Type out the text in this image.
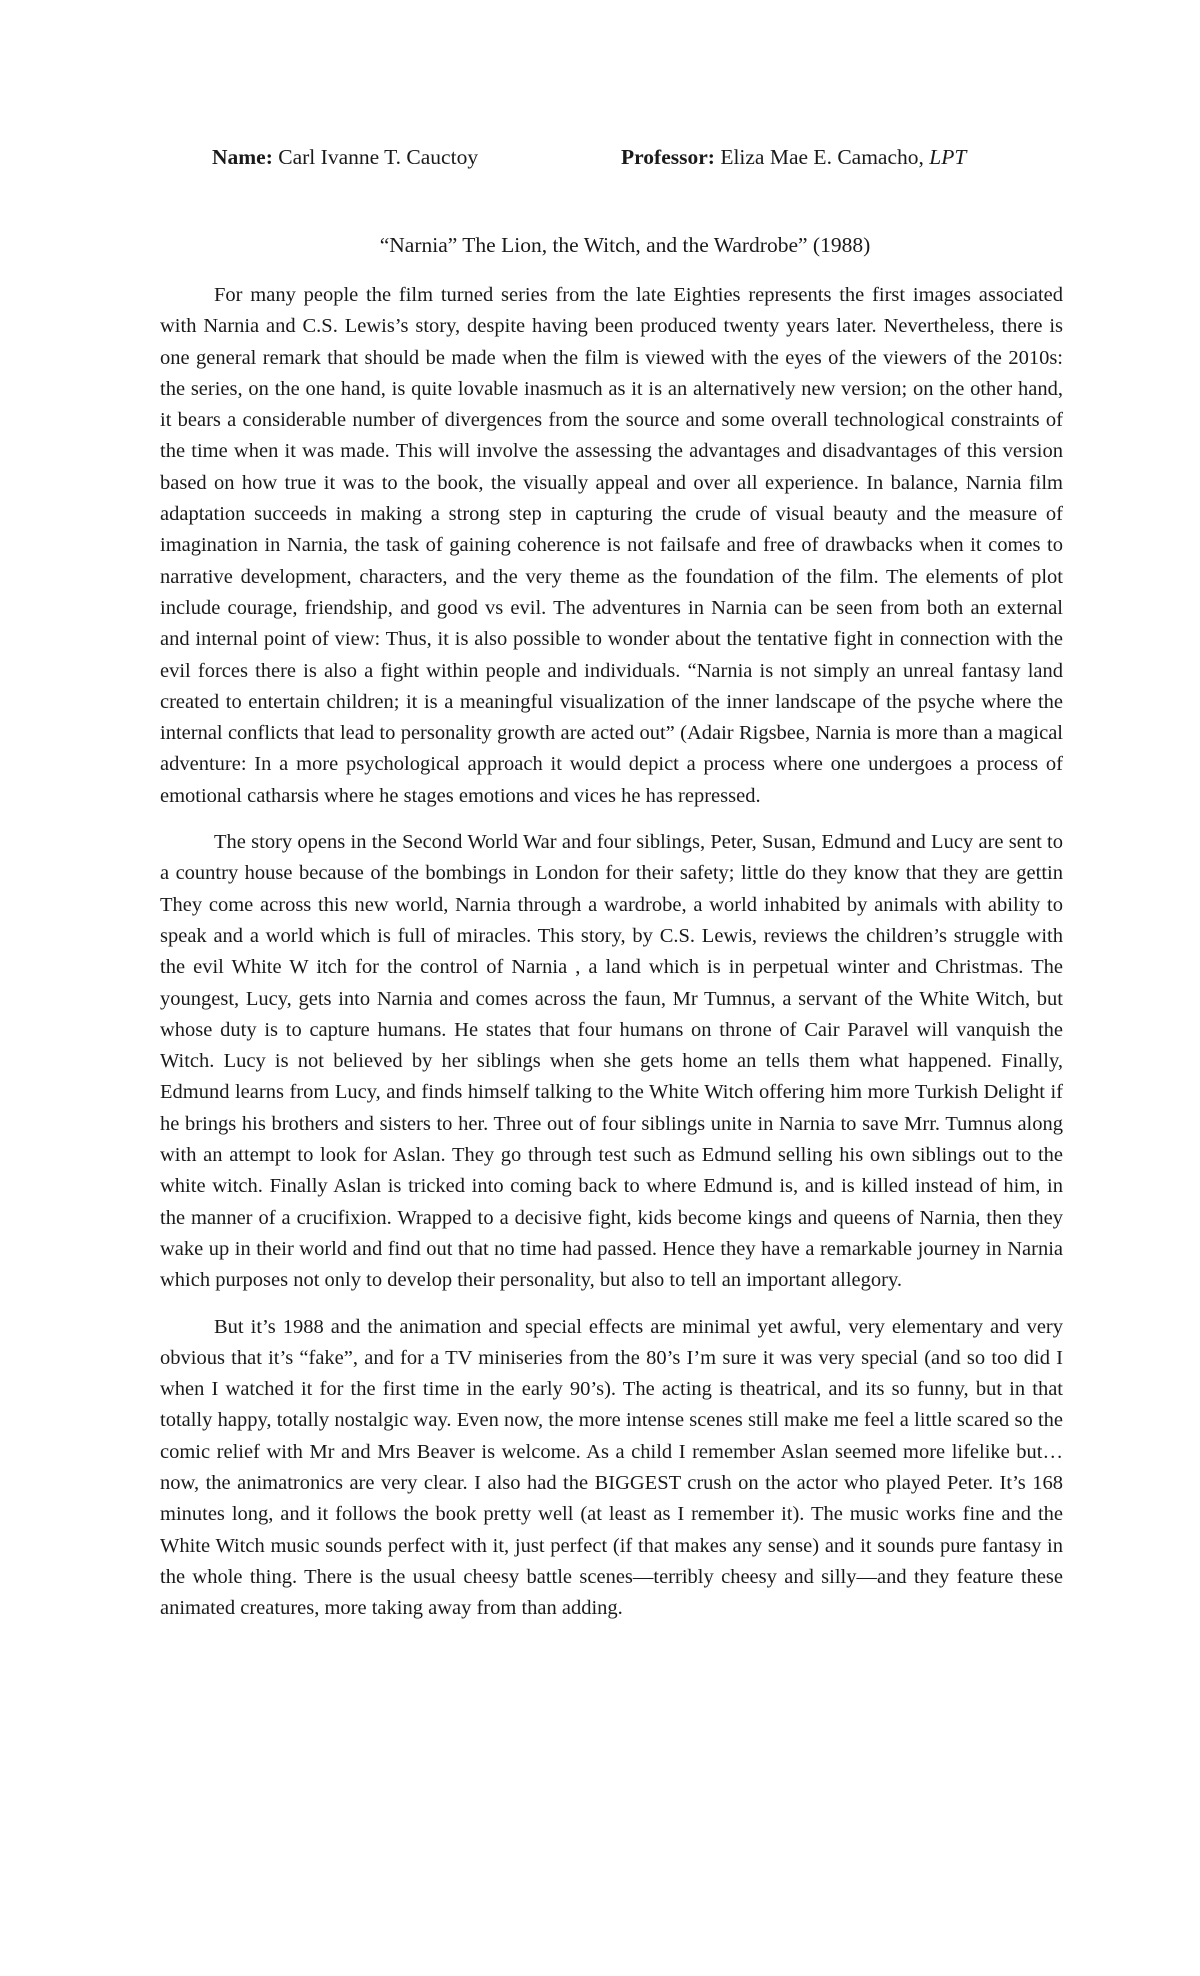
Name: Carl Ivanne T. Cauctoy	Professor: Eliza Mae E. Camacho, LPT
“Narnia” The Lion, the Witch, and the Wardrobe” (1988)

For many people the film turned series from the late Eighties represents the first images associated with Narnia and C.S. Lewis’s story, despite having been produced twenty years later. Nevertheless, there is one general remark that should be made when the film is viewed with the eyes of the viewers of the 2010s: the series, on the one hand, is quite lovable inasmuch as it is an alternatively new version; on the other hand, it bears a considerable number of divergences from the source and some overall technological constraints of the time when it was made. This will involve the assessing the advantages and disadvantages of this version based on how true it was to the book, the visually appeal and over all experience. In balance, Narnia film adaptation succeeds in making a strong step in capturing the crude of visual beauty and the measure of imagination in Narnia, the task of gaining coherence is not failsafe and free of drawbacks when it comes to narrative development, characters, and the very theme as the foundation of the film. The elements of plot include courage, friendship, and good vs evil. The adventures in Narnia can be seen from both an external and internal point of view: Thus, it is also possible to wonder about the tentative fight in connection with the evil forces there is also a fight within people and individuals. “Narnia is not simply an unreal fantasy land created to entertain children; it is a meaningful visualization of the inner landscape of the psyche where the internal conflicts that lead to personality growth are acted out” (Adair Rigsbee, Narnia is more than a magical adventure: In a more psychological approach it would depict a process where one undergoes a process of emotional catharsis where he stages emotions and vices he has repressed.

The story opens in the Second World War and four siblings, Peter, Susan, Edmund and Lucy are sent to a country house because of the bombings in London for their safety; little do they know that they are gettin They come across this new world, Narnia through a wardrobe, a world inhabited by animals with ability to speak and a world which is full of miracles. This story, by C.S. Lewis, reviews the children’s struggle with the evil White W itch for the control of Narnia , a land which is in perpetual winter and Christmas. The youngest, Lucy, gets into Narnia and comes across the faun, Mr Tumnus, a servant of the White Witch, but whose duty is to capture humans. He states that four humans on throne of Cair Paravel will vanquish the Witch. Lucy is not believed by her siblings when she gets home an tells them what happened. Finally, Edmund learns from Lucy, and finds himself talking to the White Witch offering him more Turkish Delight if he brings his brothers and sisters to her. Three out of four siblings unite in Narnia to save Mrr. Tumnus along with an attempt to look for Aslan. They go through test such as Edmund selling his own siblings out to the white witch. Finally Aslan is tricked into coming back to where Edmund is, and is killed instead of him, in the manner of a crucifixion. Wrapped to a decisive fight, kids become kings and queens of Narnia, then they wake up in their world and find out that no time had passed. Hence they have a remarkable journey in Narnia which purposes not only to develop their personality, but also to tell an important allegory.

But it’s 1988 and the animation and special effects are minimal yet awful, very elementary and very obvious that it’s “fake”, and for a TV miniseries from the 80’s I’m sure it was very special (and so too did I when I watched it for the first time in the early 90’s). The acting is theatrical, and its so funny, but in that totally happy, totally nostalgic way. Even now, the more intense scenes still make me feel a little scared so the comic relief with Mr and Mrs Beaver is welcome. As a child I remember Aslan seemed more lifelike but…now, the animatronics are very clear. I also had the BIGGEST crush on the actor who played Peter. It’s 168 minutes long, and it follows the book pretty well (at least as I remember it). The music works fine and the White Witch music sounds perfect with it, just perfect (if that makes any sense) and it sounds pure fantasy in the whole thing. There is the usual cheesy battle scenes—terribly cheesy and silly—and they feature these animated creatures, more taking away from than adding.
